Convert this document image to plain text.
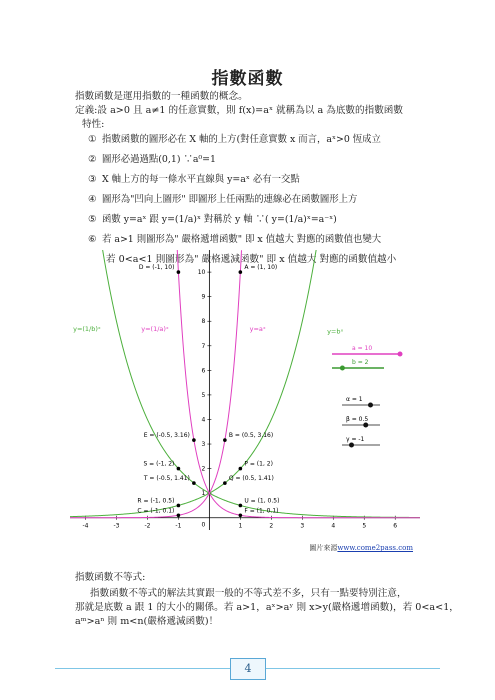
指數函數
指數函數是運用指數的一種函數的概念。
定義:設 a>0 且 a≠1 的任意實數，則 f(x)=aˣ 就稱為以 a 為底數的指數函數
特性:
① 指數函數的圖形必在 X 軸的上方(對任意實數 x 而言，aˣ>0 恆成立
② 圖形必過過點(0,1) ∵a⁰=1
③ X 軸上方的每一條水平直線與 y=aˣ 必有一交點
④ 圖形為"凹向上圖形" 即圖形上任兩點的連線必在函數圖形上方
⑤ 函數 y=aˣ 跟 y=(1/a)ˣ 對稱於 y 軸 ∵( y=(1/a)ˣ=a⁻ˣ)
⑥ 若 a>1 則圖形為" 嚴格遞增函數" 即 x 值越大 對應的函數值也變大
若 0<a<1 則圖形為" 嚴格遞減函數" 即 x 值越大 對應的函數值越小
-4	-3	-2	-1	1	2	3	4	5	6
1
2
3
4
5
6
7
8
9
10
0
y=(1/b)ˣ	y=(1/a)ˣ	y=aˣ	y=bˣ
D = (-1, 10)	A = (1, 10)
E = (-0.5, 3.16)	B = (0.5, 3.16)
S = (-1, 2)	P = (1, 2)
T = (-0.5, 1.41)	Q = (0.5, 1.41)
R = (-1, 0.5)	U = (1, 0.5)
C = (-1, 0.1)	F = (1, 0.1)
a = 10
b = 2
α = 1
β = 0.5
γ = -1
圖片來源www.come2pass.com
指數函數不等式:
指數函數不等式的解法其實跟一般的不等式差不多，只有一點要特別注意，
那就是底數 a 跟 1 的大小的關係。若 a>1，aˣ>aʸ 則 x>y(嚴格遞增函數)，若 0<a<1，
aᵐ>aⁿ 則 m<n(嚴格遞減函數)！
4
